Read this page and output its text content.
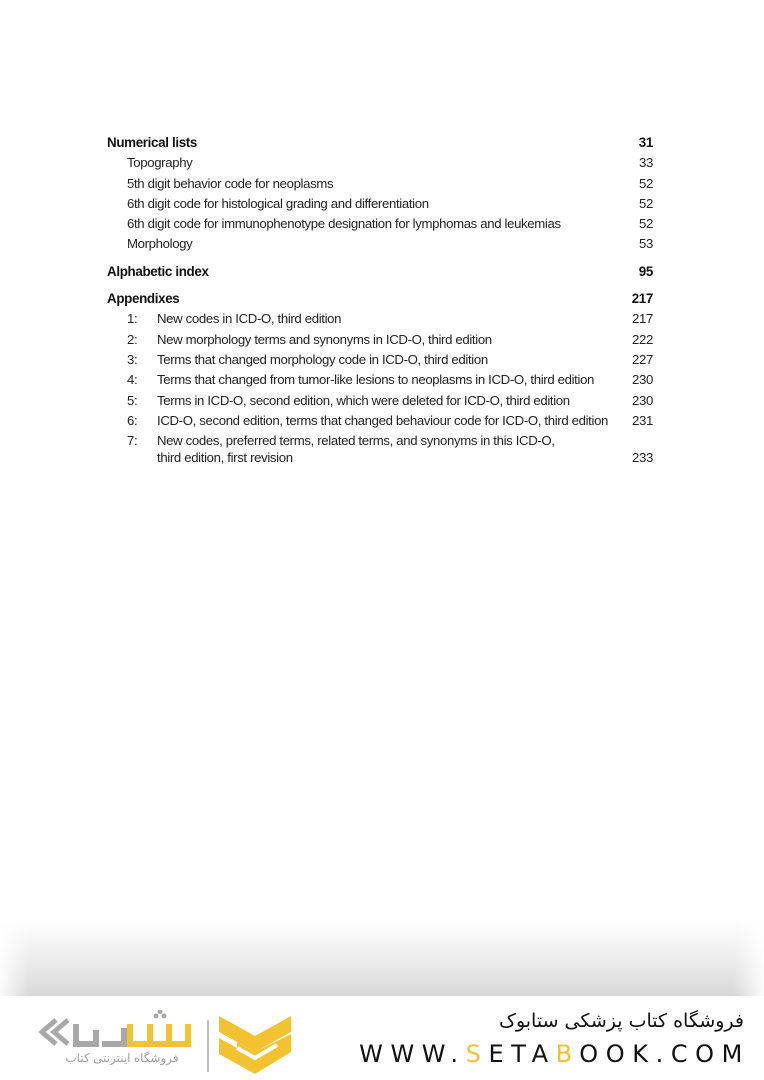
Numerical lists	31
Topography	33
5th digit behavior code for neoplasms	52
6th digit code for histological grading and differentiation	52
6th digit code for immunophenotype designation for lymphomas and leukemias	52
Morphology	53
Alphabetic index	95
Appendixes	217
1: New codes in ICD-O, third edition	217
2: New morphology terms and synonyms in ICD-O, third edition	222
3: Terms that changed morphology code in ICD-O, third edition	227
4: Terms that changed from tumor-like lesions to neoplasms in ICD-O, third edition	230
5: Terms in ICD-O, second edition, which were deleted for ICD-O, third edition	230
6: ICD-O, second edition, terms that changed behaviour code for ICD-O, third edition 231
7: New codes, preferred terms, related terms, and synonyms in this ICD-O, third edition, first revision	233
فروشگاه اینترنتی کتاب
فروشگاه کتاب پزشکی ستابوک
WWW.SETABOOK.COM
